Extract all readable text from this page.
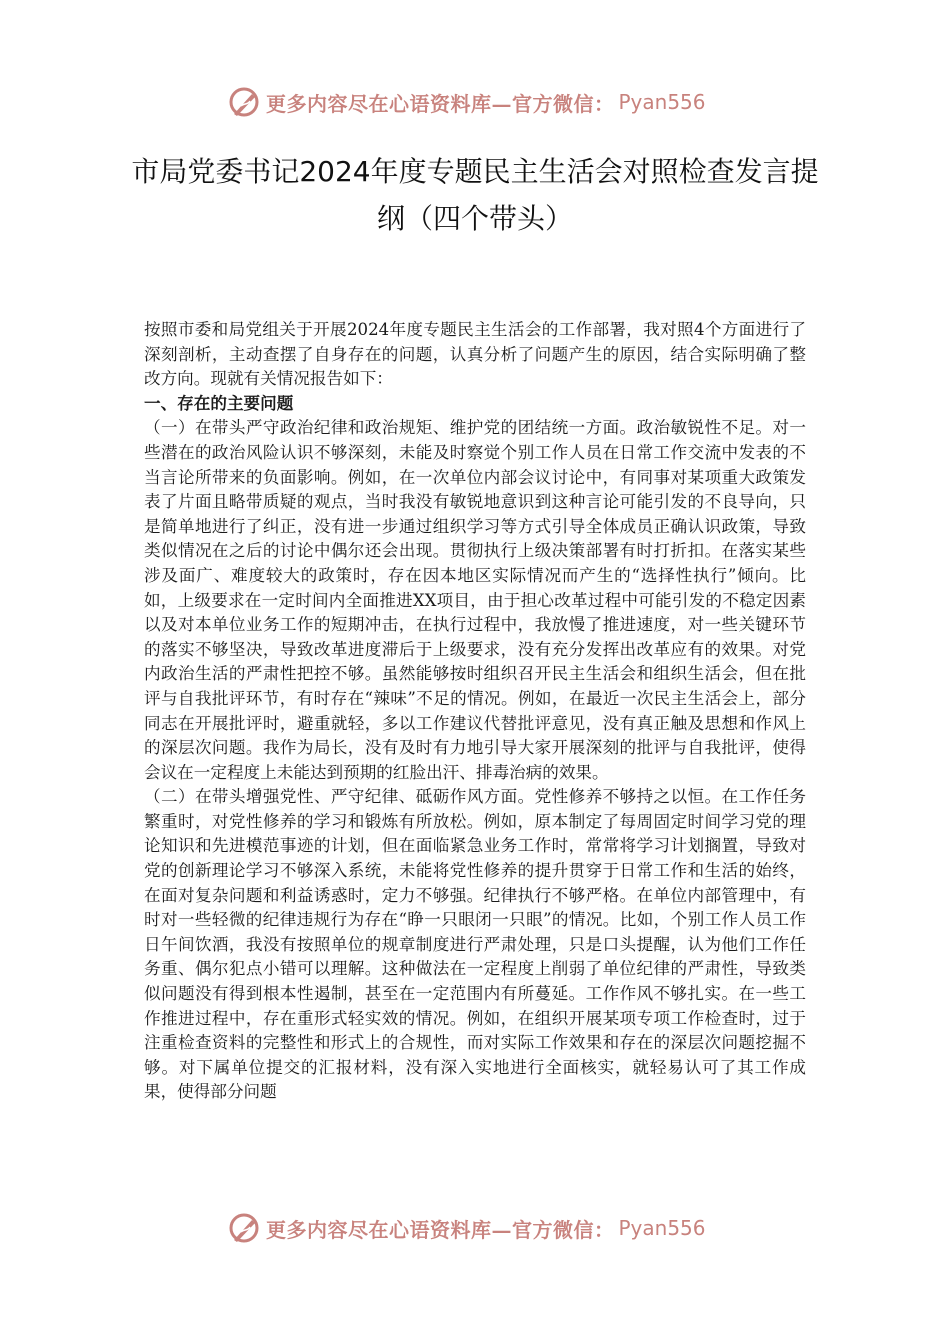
更多内容尽在心语资料库—官方微信： Pyan556
市局党委书记2024年度专题民主生活会对照检查发言提纲（四个带头）

按照市委和局党组关于开展2024年度专题民主生活会的工作部署，我对照4个方面进行了深刻剖析，主动查摆了自身存在的问题，认真分析了问题产生的原因，结合实际明确了整改方向。现就有关情况报告如下：

一、存在的主要问题

（一）在带头严守政治纪律和政治规矩、维护党的团结统一方面。政治敏锐性不足。对一些潜在的政治风险认识不够深刻，未能及时察觉个别工作人员在日常工作交流中发表的不当言论所带来的负面影响。例如，在一次单位内部会议讨论中，有同事对某项重大政策发表了片面且略带质疑的观点，当时我没有敏锐地意识到这种言论可能引发的不良导向，只是简单地进行了纠正，没有进一步通过组织学习等方式引导全体成员正确认识政策，导致类似情况在之后的讨论中偶尔还会出现。贯彻执行上级决策部署有时打折扣。在落实某些涉及面广、难度较大的政策时，存在因本地区实际情况而产生的“选择性执行”倾向。比如，上级要求在一定时间内全面推进XX项目，由于担心改革过程中可能引发的不稳定因素以及对本单位业务工作的短期冲击，在执行过程中，我放慢了推进速度，对一些关键环节的落实不够坚决，导致改革进度滞后于上级要求，没有充分发挥出改革应有的效果。对党内政治生活的严肃性把控不够。虽然能够按时组织召开民主生活会和组织生活会，但在批评与自我批评环节，有时存在“辣味”不足的情况。例如，在最近一次民主生活会上，部分同志在开展批评时，避重就轻，多以工作建议代替批评意见，没有真正触及思想和作风上的深层次问题。我作为局长，没有及时有力地引导大家开展深刻的批评与自我批评，使得会议在一定程度上未能达到预期的红脸出汗、排毒治病的效果。

（二）在带头增强党性、严守纪律、砥砺作风方面。党性修养不够持之以恒。在工作任务繁重时，对党性修养的学习和锻炼有所放松。例如，原本制定了每周固定时间学习党的理论知识和先进模范事迹的计划，但在面临紧急业务工作时，常常将学习计划搁置，导致对党的创新理论学习不够深入系统，未能将党性修养的提升贯穿于日常工作和生活的始终，在面对复杂问题和利益诱惑时，定力不够强。纪律执行不够严格。在单位内部管理中，有时对一些轻微的纪律违规行为存在“睁一只眼闭一只眼”的情况。比如，个别工作人员工作日午间饮酒，我没有按照单位的规章制度进行严肃处理，只是口头提醒，认为他们工作任务重、偶尔犯点小错可以理解。这种做法在一定程度上削弱了单位纪律的严肃性，导致类似问题没有得到根本性遏制，甚至在一定范围内有所蔓延。工作作风不够扎实。在一些工作推进过程中，存在重形式轻实效的情况。例如，在组织开展某项专项工作检查时，过于注重检查资料的完整性和形式上的合规性，而对实际工作效果和存在的深层次问题挖掘不够。对下属单位提交的汇报材料，没有深入实地进行全面核实，就轻易认可了其工作成果，使得部分问题

更多内容尽在心语资料库—官方微信： Pyan556
